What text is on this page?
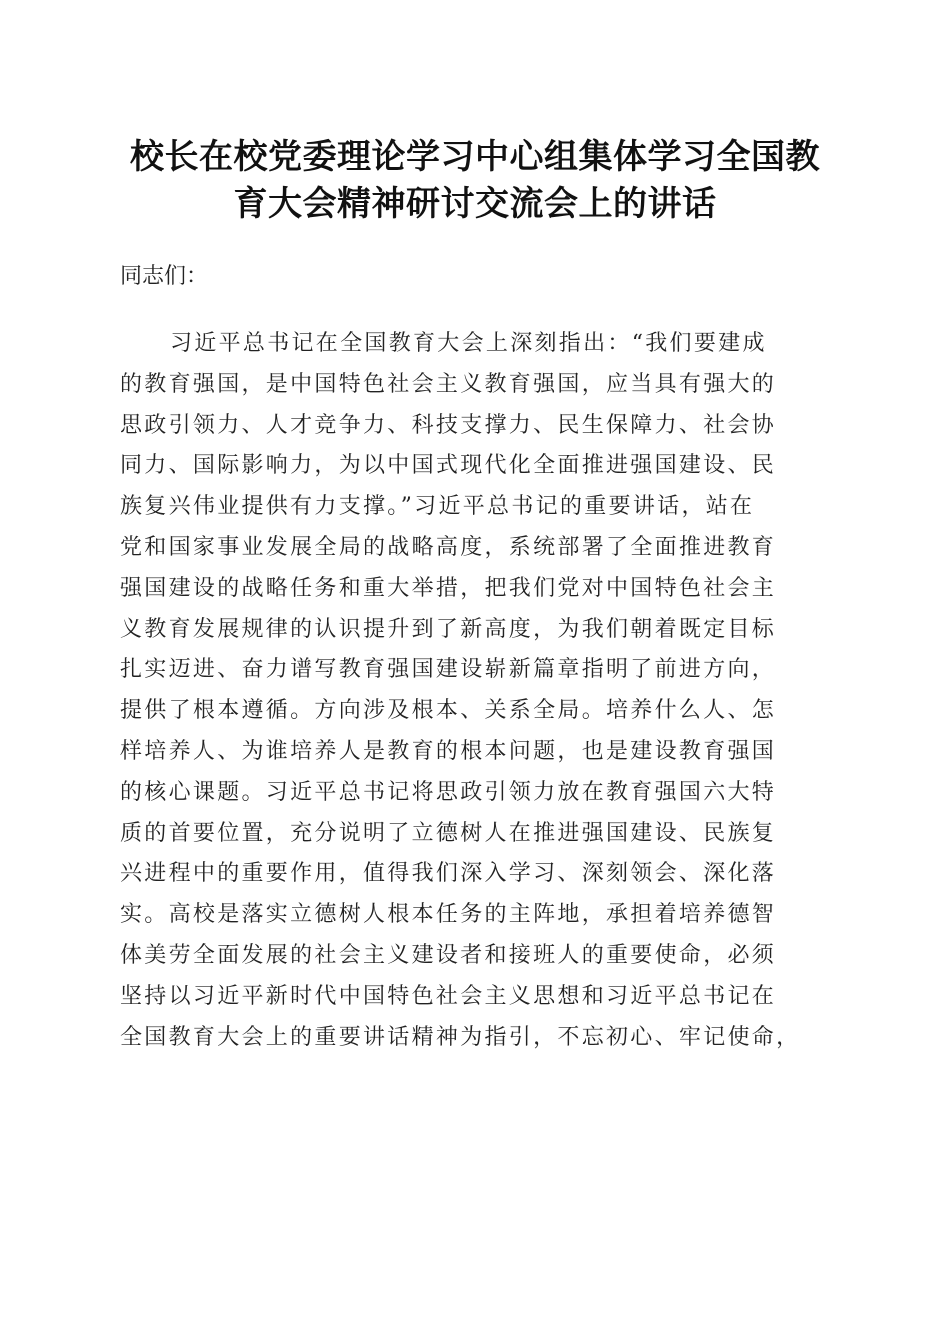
校长在校党委理论学习中心组集体学习全国教
育大会精神研讨交流会上的讲话

同志们：

习近平总书记在全国教育大会上深刻指出：“我们要建成
的教育强国，是中国特色社会主义教育强国，应当具有强大的
思政引领力、人才竞争力、科技支撑力、民生保障力、社会协
同力、国际影响力，为以中国式现代化全面推进强国建设、民
族复兴伟业提供有力支撑。”习近平总书记的重要讲话，站在
党和国家事业发展全局的战略高度，系统部署了全面推进教育
强国建设的战略任务和重大举措，把我们党对中国特色社会主
义教育发展规律的认识提升到了新高度，为我们朝着既定目标
扎实迈进、奋力谱写教育强国建设崭新篇章指明了前进方向，
提供了根本遵循。方向涉及根本、关系全局。培养什么人、怎
样培养人、为谁培养人是教育的根本问题，也是建设教育强国
的核心课题。习近平总书记将思政引领力放在教育强国六大特
质的首要位置，充分说明了立德树人在推进强国建设、民族复
兴进程中的重要作用，值得我们深入学习、深刻领会、深化落
实。高校是落实立德树人根本任务的主阵地，承担着培养德智
体美劳全面发展的社会主义建设者和接班人的重要使命，必须
坚持以习近平新时代中国特色社会主义思想和习近平总书记在
全国教育大会上的重要讲话精神为指引，不忘初心、牢记使命，
